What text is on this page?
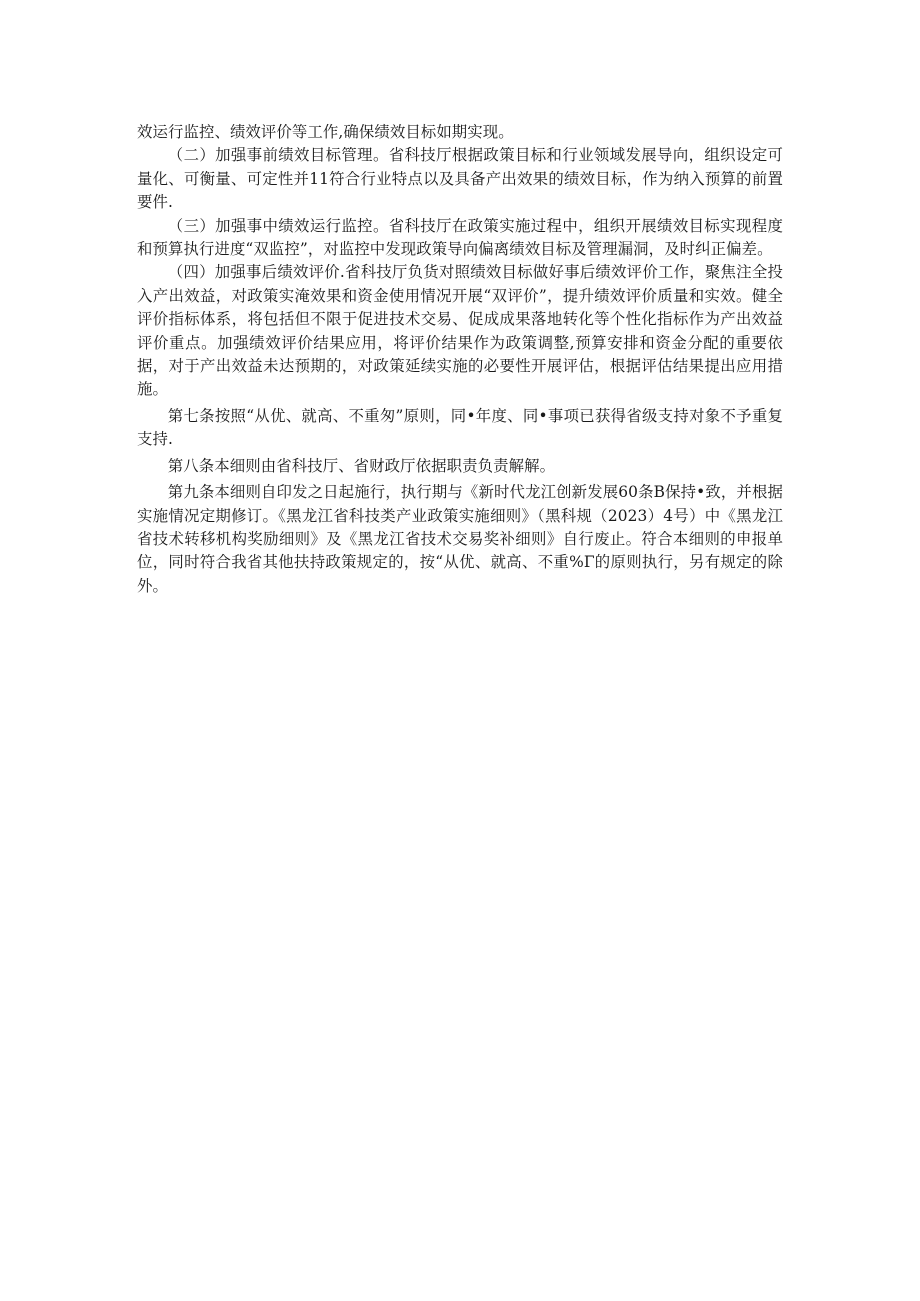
效运行监控、绩效评价等工作,确保绩效目标如期实现。

（二）加强事前绩效目标管理。省科技厅根据政策目标和行业领域发展导向，组织设定可量化、可衡量、可定性并11符合行业特点以及具备产出效果的绩效目标，作为纳入预算的前置要件.

（三）加强事中绩效运行监控。省科技厅在政策实施过程中，组织开展绩效目标实现程度和预算执行进度“双监控”，对监控中发现政策导向偏离绩效目标及管理漏洞，及时纠正偏差。

（四）加强事后绩效评价.省科技厅负货对照绩效目标做好事后绩效评价工作，聚焦注全投入产出效益，对政策实淹效果和资金使用情况开展“双评价”，提升绩效评价质量和实效。健全评价指标体系，将包括但不限于促进技术交易、促成成果落地转化等个性化指标作为产出效益评价重点。加强绩效评价结果应用，将评价结果作为政策调整,预算安排和资金分配的重要依据，对于产出效益未达预期的，对政策延续实施的必要性开展评估，根据评估结果提出应用措施。

第七条按照“从优、就高、不重匆”原则，同•年度、同•事项已获得省级支持对象不予重复支持.

第八条本细则由省科技厅、省财政厅依据职责负责解解。

第九条本细则自印发之日起施行，执行期与《新时代龙江创新发展60条B保持•致，并根据实施情况定期修订。《黑龙江省科技类产业政策实施细则》（黑科规（2023）4号）中《黑龙江省技术转移机构奖励细则》及《黑龙江省技术交易奖补细则》自行废止。符合本细则的申报单位，同时符合我省其他扶持政策规定的，按“从优、就高、不重%Γ的原则执行，另有规定的除外。
